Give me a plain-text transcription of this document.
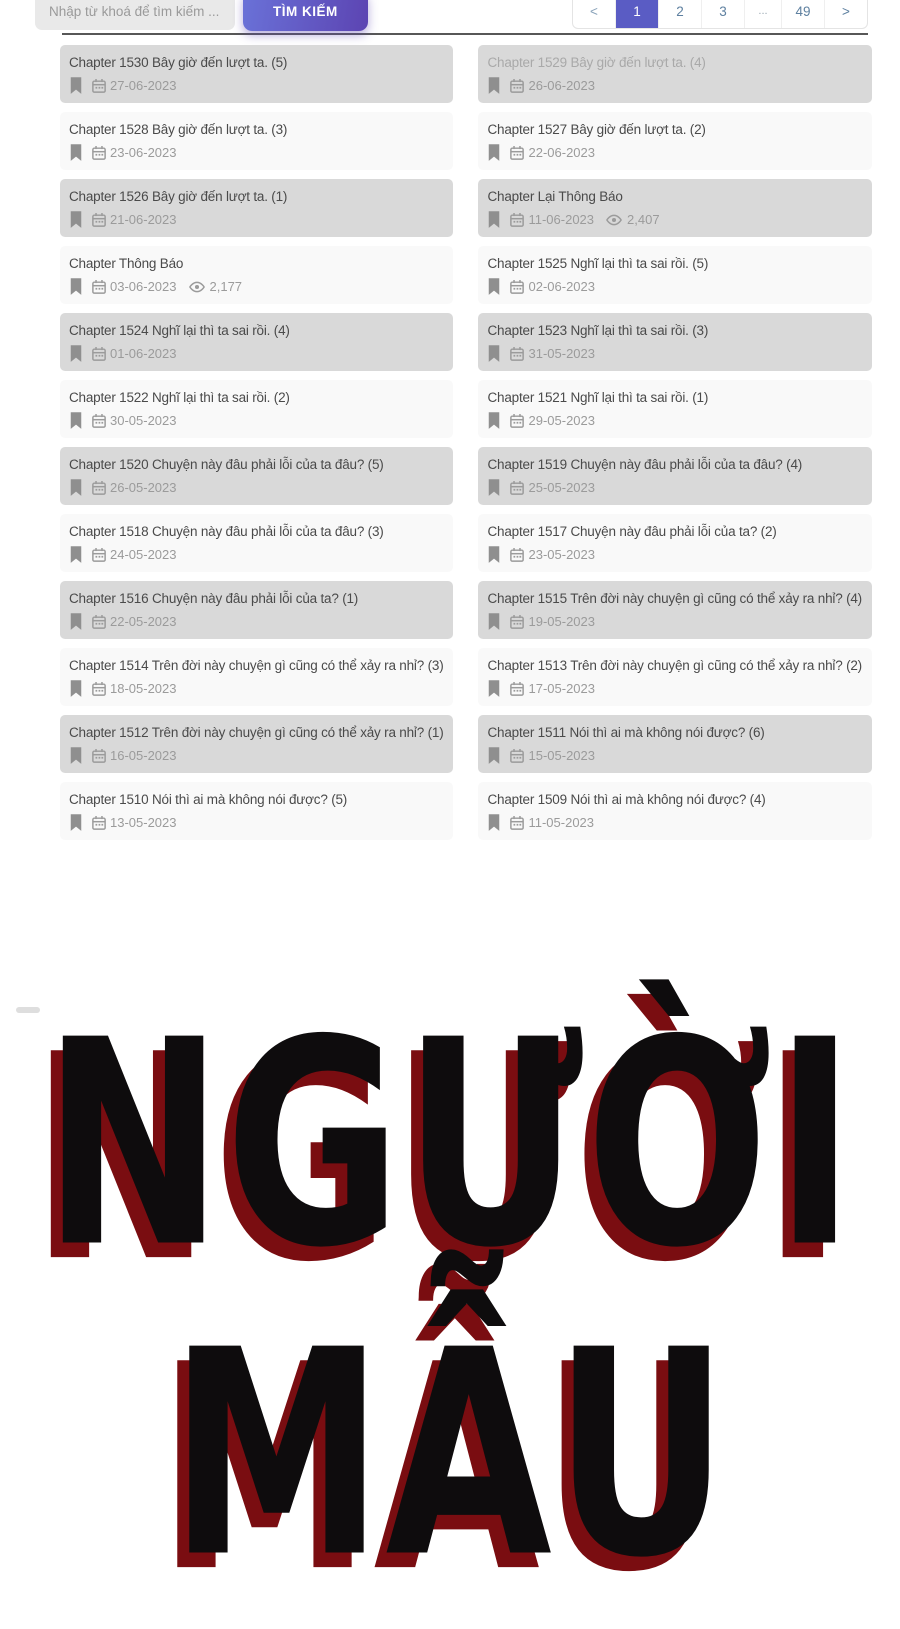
Nhập từ khoá để tìm kiếm ...
TÌM KIẾM	<	1	2	3	...	49	>
Chapter 1530 Bây giờ đến lượt ta. (5)
27-06-2023
Chapter 1529 Bây giờ đến lượt ta. (4)
26-06-2023
Chapter 1528 Bây giờ đến lượt ta. (3)
23-06-2023
Chapter 1527 Bây giờ đến lượt ta. (2)
22-06-2023
Chapter 1526 Bây giờ đến lượt ta. (1)
21-06-2023
Chapter Lại Thông Báo
11-06-2023	2,407
Chapter Thông Báo
03-06-2023	2,177
Chapter 1525 Nghĩ lại thì ta sai rồi. (5)
02-06-2023
Chapter 1524 Nghĩ lại thì ta sai rồi. (4)
01-06-2023
Chapter 1523 Nghĩ lại thì ta sai rồi. (3)
31-05-2023
Chapter 1522 Nghĩ lại thì ta sai rồi. (2)
30-05-2023
Chapter 1521 Nghĩ lại thì ta sai rồi. (1)
29-05-2023
Chapter 1520 Chuyện này đâu phải lỗi của ta đâu? (5)
26-05-2023
Chapter 1519 Chuyện này đâu phải lỗi của ta đâu? (4)
25-05-2023
Chapter 1518 Chuyện này đâu phải lỗi của ta đâu? (3)
24-05-2023
Chapter 1517 Chuyện này đâu phải lỗi của ta? (2)
23-05-2023
Chapter 1516 Chuyện này đâu phải lỗi của ta? (1)
22-05-2023
Chapter 1515 Trên đời này chuyện gì cũng có thể xảy ra nhỉ? (4)
19-05-2023
Chapter 1514 Trên đời này chuyện gì cũng có thể xảy ra nhỉ? (3)
18-05-2023
Chapter 1513 Trên đời này chuyện gì cũng có thể xảy ra nhỉ? (2)
17-05-2023
Chapter 1512 Trên đời này chuyện gì cũng có thể xảy ra nhỉ? (1)
16-05-2023
Chapter 1511 Nói thì ai mà không nói được? (6)
15-05-2023
Chapter 1510 Nói thì ai mà không nói được? (5)
13-05-2023
Chapter 1509 Nói thì ai mà không nói được? (4)
11-05-2023
NGƯỜI
MẪU
